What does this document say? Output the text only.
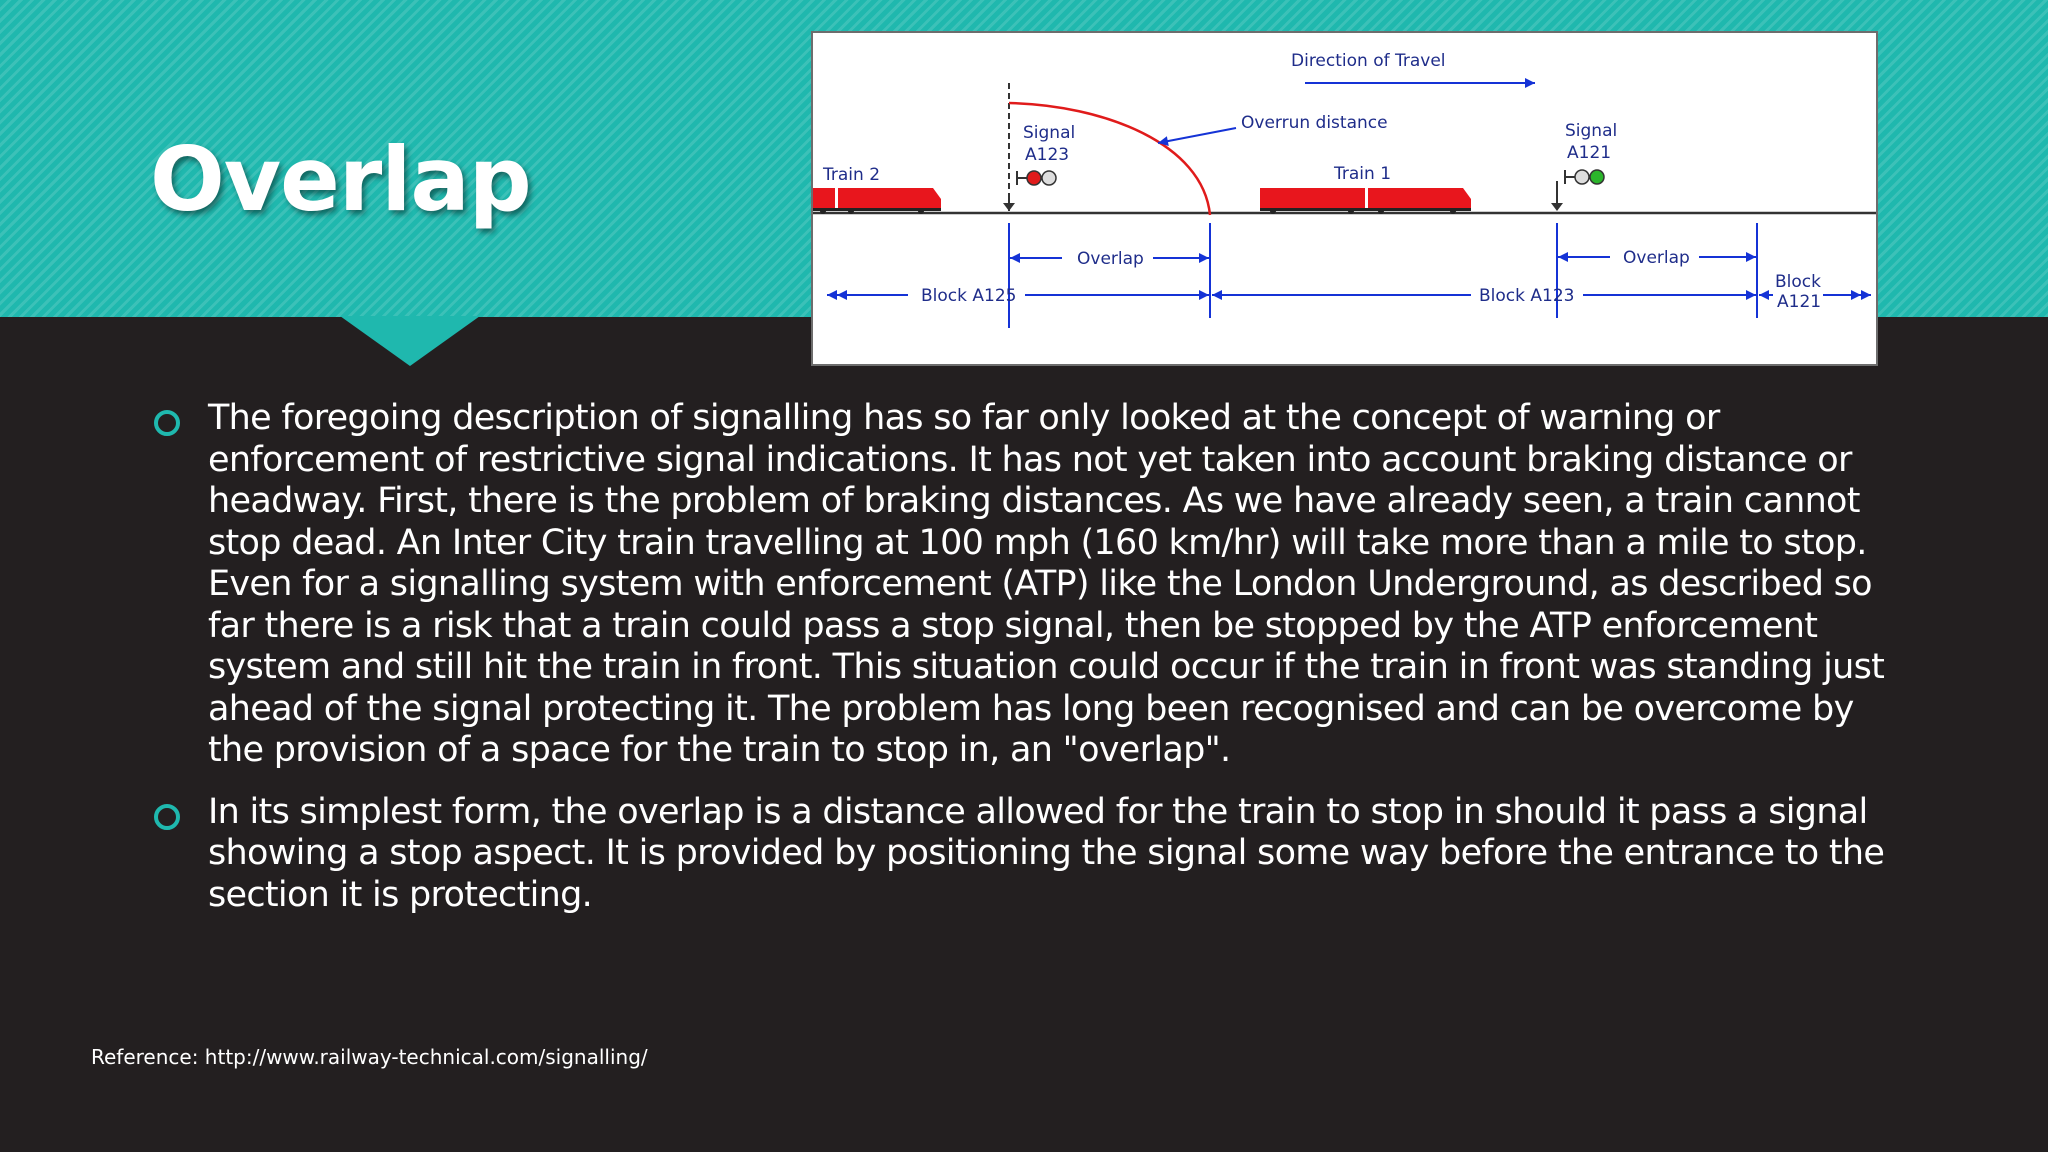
Overlap
Direction of Travel
Train 2
Signal
A123
Overrun distance
Train 1
Signal
A121
Overlap	Overlap
Block A125	Block A123
Block
A121
The foregoing description of signalling has so far only looked at the concept of warning or enforcement of restrictive signal indications. It has not yet taken into account braking distance or headway. First, there is the problem of braking distances. As we have already seen, a train cannot stop dead. An Inter City train travelling at 100 mph (160 km/hr) will take more than a mile to stop. Even for a signalling system with enforcement (ATP) like the London Underground, as described so far there is a risk that a train could pass a stop signal, then be stopped by the ATP enforcement system and still hit the train in front. This situation could occur if the train in front was standing just ahead of the signal protecting it. The problem has long been recognised and can be overcome by the provision of a space for the train to stop in, an "overlap".
In its simplest form, the overlap is a distance allowed for the train to stop in should it pass a signal showing a stop aspect. It is provided by positioning the signal some way before the entrance to the section it is protecting.
Reference: http://www.railway-technical.com/signalling/
